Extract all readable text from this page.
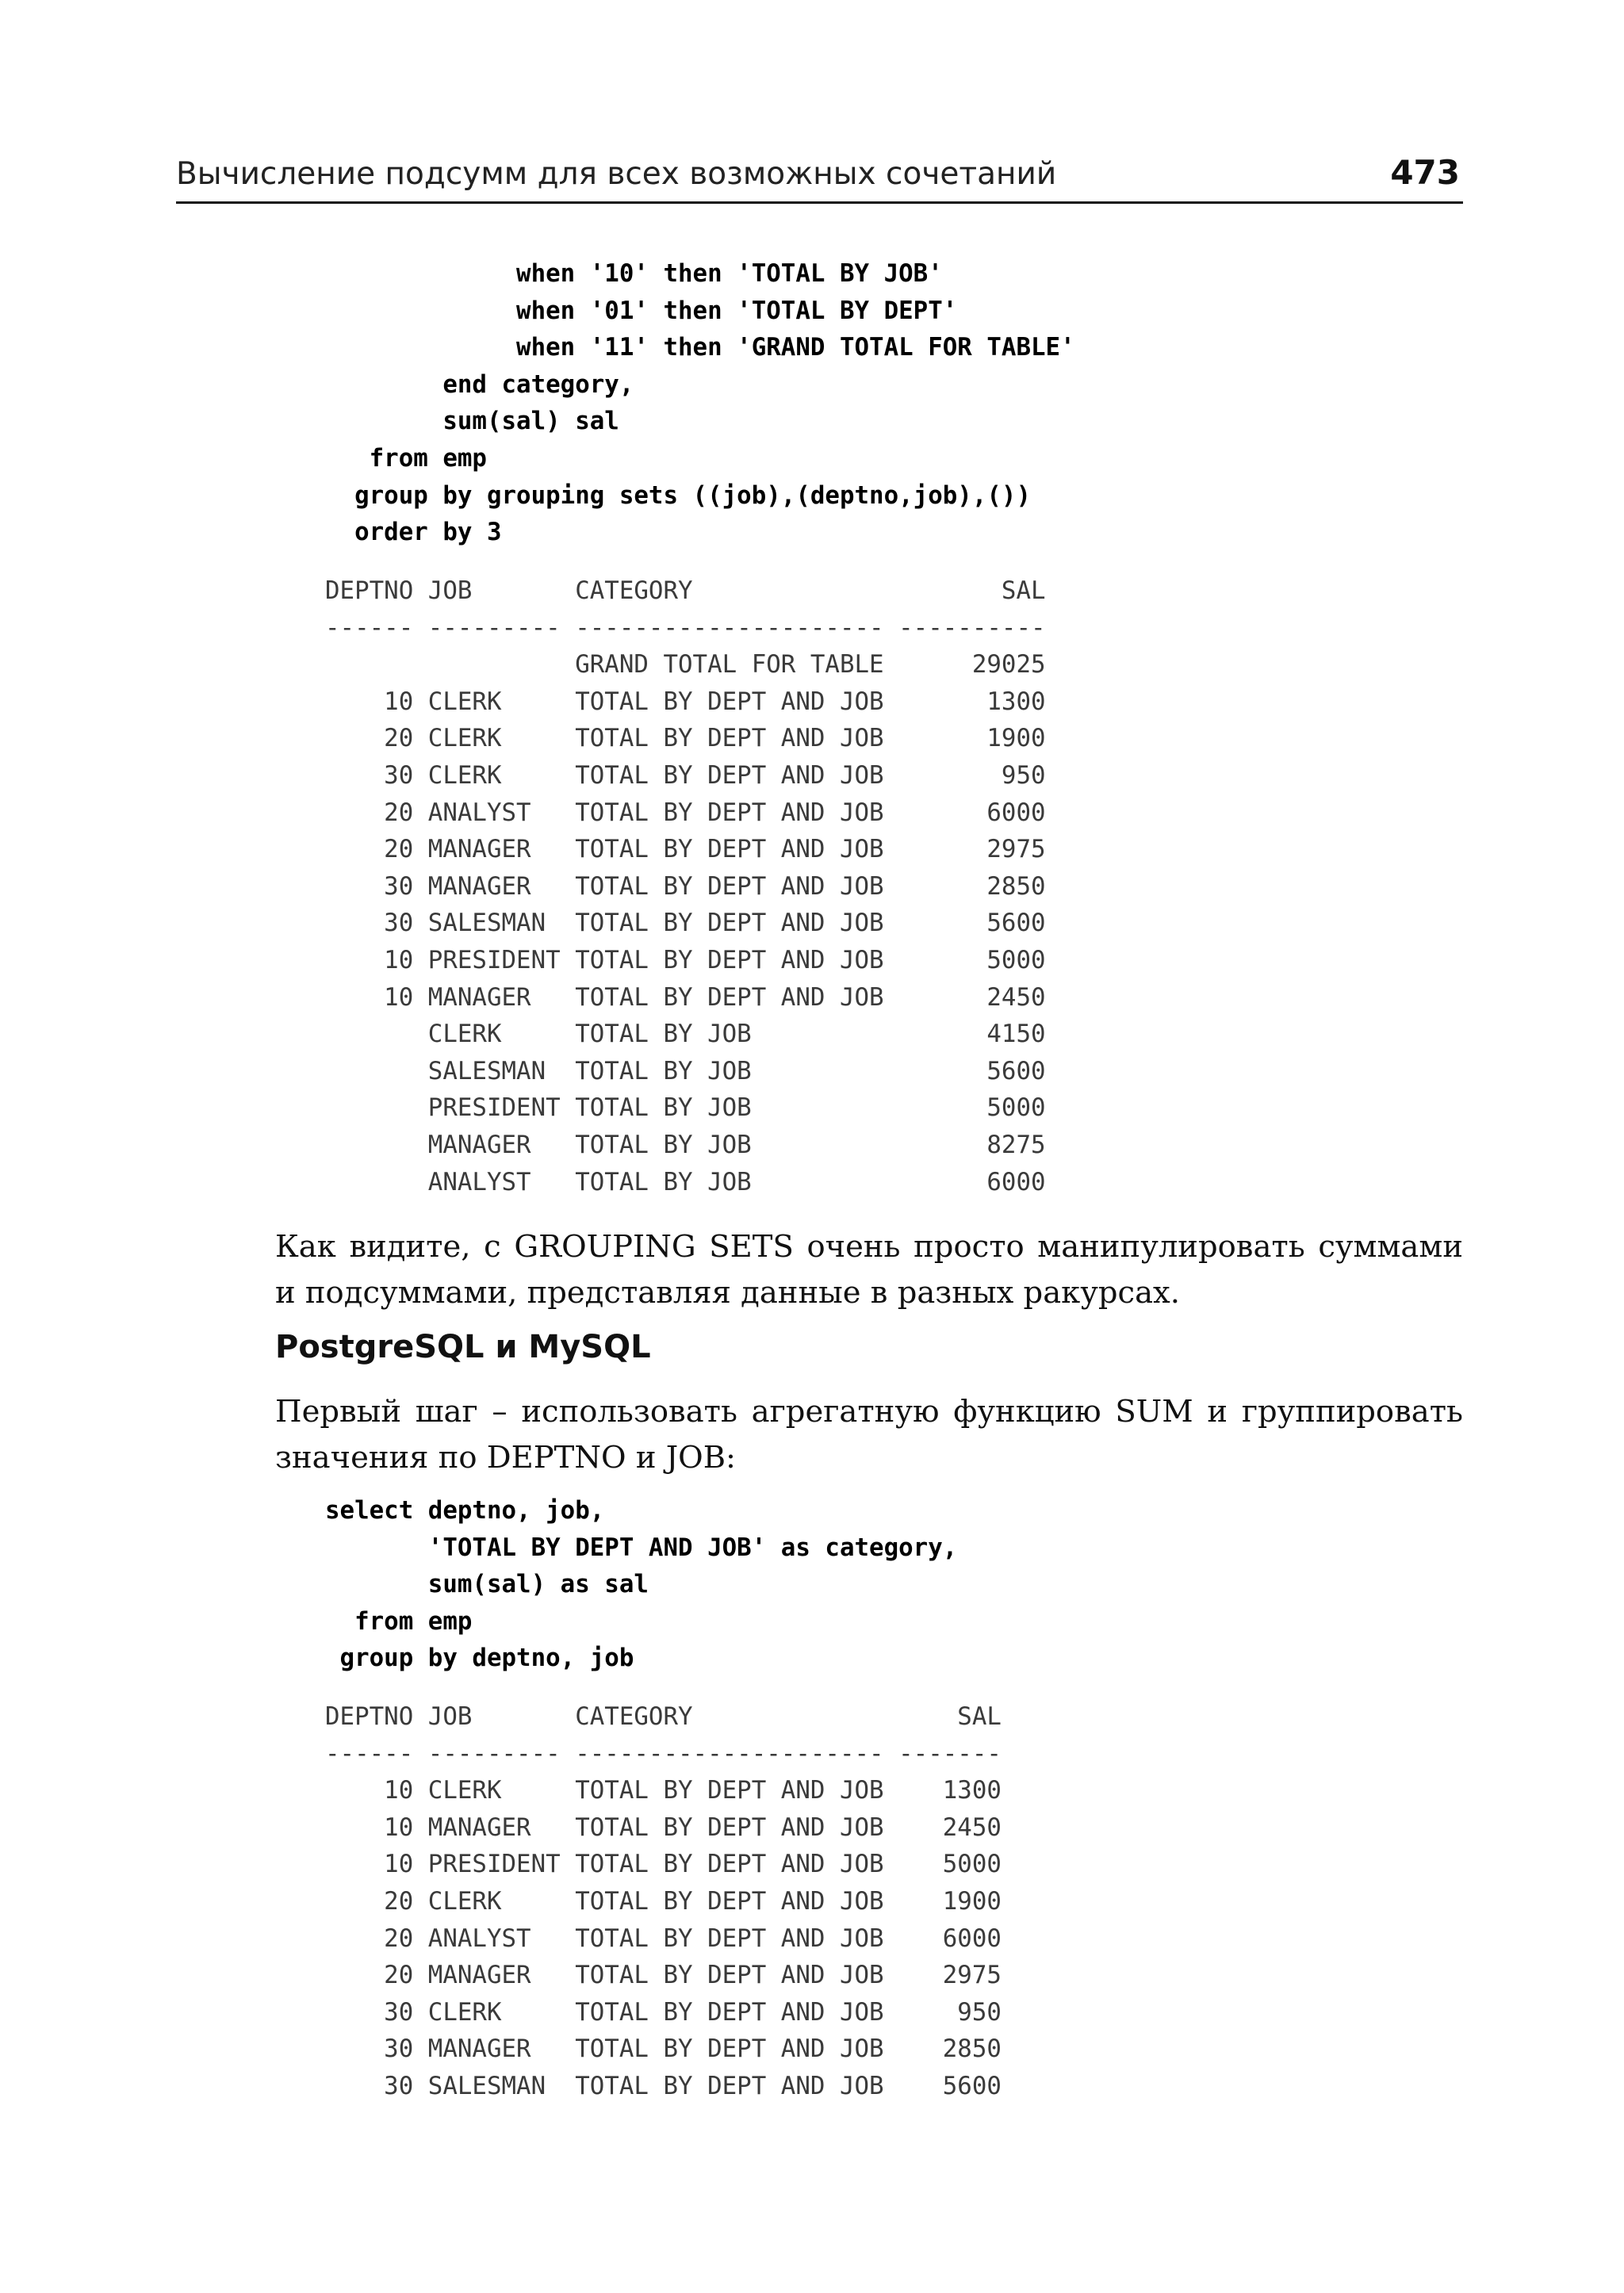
Вычисление подсумм для всех возможных сочетаний	473
when '10' then 'TOTAL BY JOB'
when '01' then 'TOTAL BY DEPT'
when '11' then 'GRAND TOTAL FOR TABLE'
end category,
sum(sal) sal
from emp
group by grouping sets ((job),(deptno,job),())
order by 3
DEPTNO JOB       CATEGORY                     SAL
------ --------- --------------------- ----------
GRAND TOTAL FOR TABLE      29025
10 CLERK     TOTAL BY DEPT AND JOB       1300
20 CLERK     TOTAL BY DEPT AND JOB       1900
30 CLERK     TOTAL BY DEPT AND JOB        950
20 ANALYST   TOTAL BY DEPT AND JOB       6000
20 MANAGER   TOTAL BY DEPT AND JOB       2975
30 MANAGER   TOTAL BY DEPT AND JOB       2850
30 SALESMAN  TOTAL BY DEPT AND JOB       5600
10 PRESIDENT TOTAL BY DEPT AND JOB       5000
10 MANAGER   TOTAL BY DEPT AND JOB       2450
CLERK     TOTAL BY JOB                4150
SALESMAN  TOTAL BY JOB                5600
PRESIDENT TOTAL BY JOB                5000
MANAGER   TOTAL BY JOB                8275
ANALYST   TOTAL BY JOB                6000

Как видите, с GROUPING SETS очень просто манипулировать суммами и подсуммами, представляя данные в разных ракурсах.

PostgreSQL и MySQL

Первый шаг – использовать агрегатную функцию SUM и группировать значения по DEPTNO и JOB:

select deptno, job,
'TOTAL BY DEPT AND JOB' as category,
sum(sal) as sal
from emp
group by deptno, job
DEPTNO JOB       CATEGORY                  SAL
------ --------- --------------------- -------
10 CLERK     TOTAL BY DEPT AND JOB    1300
10 MANAGER   TOTAL BY DEPT AND JOB    2450
10 PRESIDENT TOTAL BY DEPT AND JOB    5000
20 CLERK     TOTAL BY DEPT AND JOB    1900
20 ANALYST   TOTAL BY DEPT AND JOB    6000
20 MANAGER   TOTAL BY DEPT AND JOB    2975
30 CLERK     TOTAL BY DEPT AND JOB     950
30 MANAGER   TOTAL BY DEPT AND JOB    2850
30 SALESMAN  TOTAL BY DEPT AND JOB    5600
